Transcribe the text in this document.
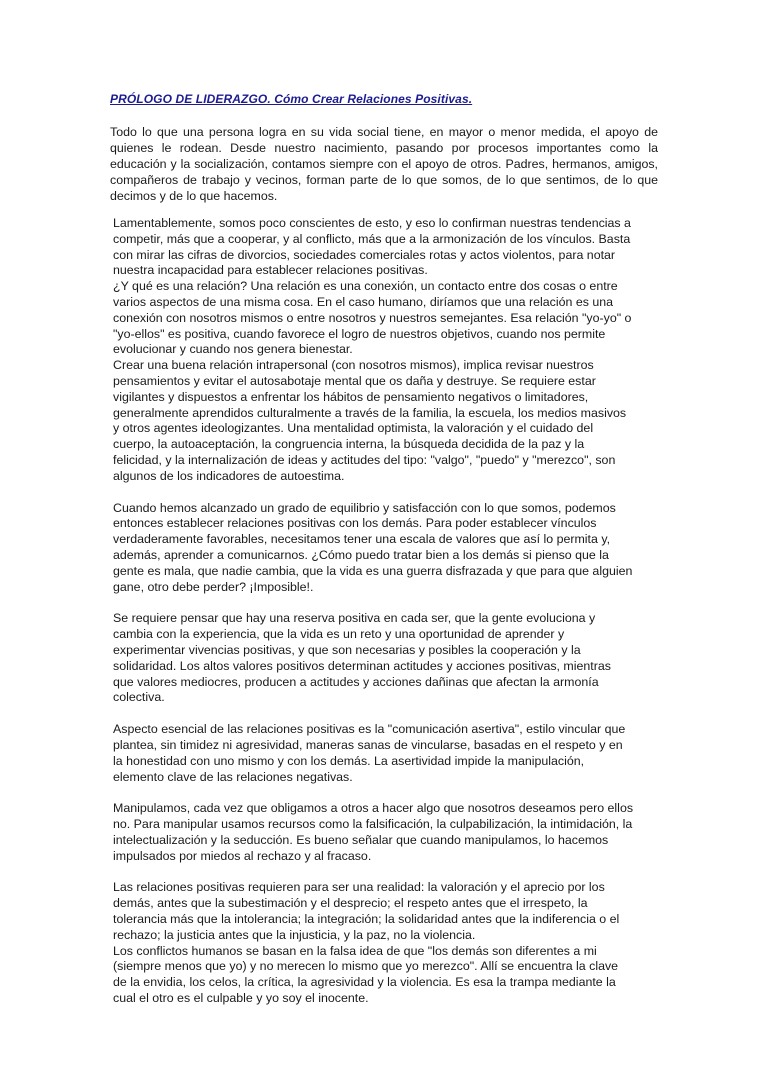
PRÓLOGO DE LIDERAZGO. Cómo Crear Relaciones Positivas.

Todo lo que una persona logra en su vida social tiene, en mayor o menor medida, el apoyo de quienes le rodean. Desde nuestro nacimiento, pasando por procesos importantes como la educación y la socialización, contamos siempre con el apoyo de otros. Padres, hermanos, amigos, compañeros de trabajo y vecinos, forman parte de lo que somos, de lo que sentimos, de lo que decimos y de lo que hacemos.

Lamentablemente, somos poco conscientes de esto, y eso lo confirman nuestras tendencias a
competir, más que a cooperar, y al conflicto, más que a la armonización de los vínculos. Basta
con mirar las cifras de divorcios, sociedades comerciales rotas y actos violentos, para notar
nuestra incapacidad para establecer relaciones positivas.
¿Y qué es una relación? Una relación es una conexión, un contacto entre dos cosas o entre
varios aspectos de una misma cosa. En el caso humano, diríamos que una relación es una
conexión con nosotros mismos o entre nosotros y nuestros semejantes. Esa relación "yo-yo" o
"yo-ellos" es positiva, cuando favorece el logro de nuestros objetivos, cuando nos permite
evolucionar y cuando nos genera bienestar.
Crear una buena relación intrapersonal (con nosotros mismos), implica revisar nuestros
pensamientos y evitar el autosabotaje mental que os daña y destruye. Se requiere estar
vigilantes y dispuestos a enfrentar los hábitos de pensamiento negativos o limitadores,
generalmente aprendidos culturalmente a través de la familia, la escuela, los medios masivos
y otros agentes ideologizantes. Una mentalidad optimista, la valoración y el cuidado del
cuerpo, la autoaceptación, la congruencia interna, la búsqueda decidida de la paz y la
felicidad, y la internalización de ideas y actitudes del tipo: "valgo", "puedo" y "merezco", son
algunos de los indicadores de autoestima.

Cuando hemos alcanzado un grado de equilibrio y satisfacción con lo que somos, podemos
entonces establecer relaciones positivas con los demás. Para poder establecer vínculos
verdaderamente favorables, necesitamos tener una escala de valores que así lo permita y,
además, aprender a comunicarnos. ¿Cómo puedo tratar bien a los demás si pienso que la
gente es mala, que nadie cambia, que la vida es una guerra disfrazada y que para que alguien
gane, otro debe perder? ¡Imposible!.

Se requiere pensar que hay una reserva positiva en cada ser, que la gente evoluciona y
cambia con la experiencia, que la vida es un reto y una oportunidad de aprender y
experimentar vivencias positivas, y que son necesarias y posibles la cooperación y la
solidaridad. Los altos valores positivos determinan actitudes y acciones positivas, mientras
que valores mediocres, producen a actitudes y acciones dañinas que afectan la armonía
colectiva.

Aspecto esencial de las relaciones positivas es la "comunicación asertiva", estilo vincular que
plantea, sin timidez ni agresividad, maneras sanas de vincularse, basadas en el respeto y en
la honestidad con uno mismo y con los demás. La asertividad impide la manipulación,
elemento clave de las relaciones negativas.

Manipulamos, cada vez que obligamos a otros a hacer algo que nosotros deseamos pero ellos
no. Para manipular usamos recursos como la falsificación, la culpabilización, la intimidación, la
intelectualización y la seducción. Es bueno señalar que cuando manipulamos, lo hacemos
impulsados por miedos al rechazo y al fracaso.

Las relaciones positivas requieren para ser una realidad: la valoración y el aprecio por los
demás, antes que la subestimación y el desprecio; el respeto antes que el irrespeto, la
tolerancia más que la intolerancia; la integración; la solidaridad antes que la indiferencia o el
rechazo; la justicia antes que la injusticia, y la paz, no la violencia.
Los conflictos humanos se basan en la falsa idea de que "los demás son diferentes a mi
(siempre menos que yo) y no merecen lo mismo que yo merezco". Allí se encuentra la clave
de la envidia, los celos, la crítica, la agresividad y la violencia. Es esa la trampa mediante la
cual el otro es el culpable y yo soy el inocente.
